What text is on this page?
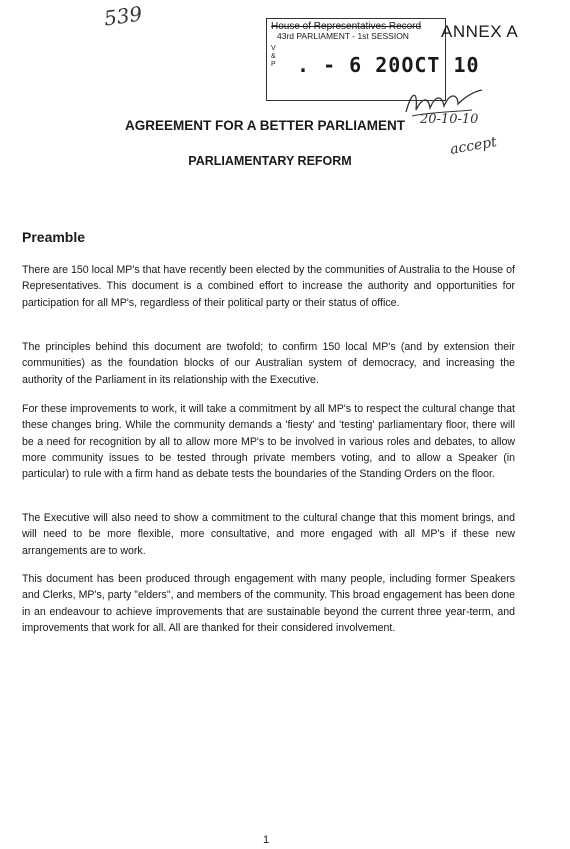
539	House of Representatives Record
43rd PARLIAMENT - 1st SESSION
V & P . - 6 20OCT 10
ANNEX A
20-10-10
accept
AGREEMENT FOR A BETTER PARLIAMENT
PARLIAMENTARY REFORM
Preamble

There are 150 local MP's that have recently been elected by the communities of Australia to the House of Representatives. This document is a combined effort to increase the authority and opportunities for participation for all MP's, regardless of their political party or their status of office.

The principles behind this document are twofold; to confirm 150 local MP's (and by extension their communities) as the foundation blocks of our Australian system of democracy, and increasing the authority of the Parliament in its relationship with the Executive.

For these improvements to work, it will take a commitment by all MP's to respect the cultural change that these changes bring. While the community demands a 'fiesty' and 'testing' parliamentary floor, there will be a need for recognition by all to allow more MP's to be involved in various roles and debates, to allow more community issues to be tested through private members voting, and to allow a Speaker (in particular) to rule with a firm hand as debate tests the boundaries of the Standing Orders on the floor.

The Executive will also need to show a commitment to the cultural change that this moment brings, and will need to be more flexible, more consultative, and more engaged with all MP's if these new arrangements are to work.

This document has been produced through engagement with many people, including former Speakers and Clerks, MP's, party "elders", and members of the community. This broad engagement has been done in an endeavour to achieve improvements that are sustainable beyond the current three year-term, and improvements that work for all. All are thanked for their considered involvement.

1
